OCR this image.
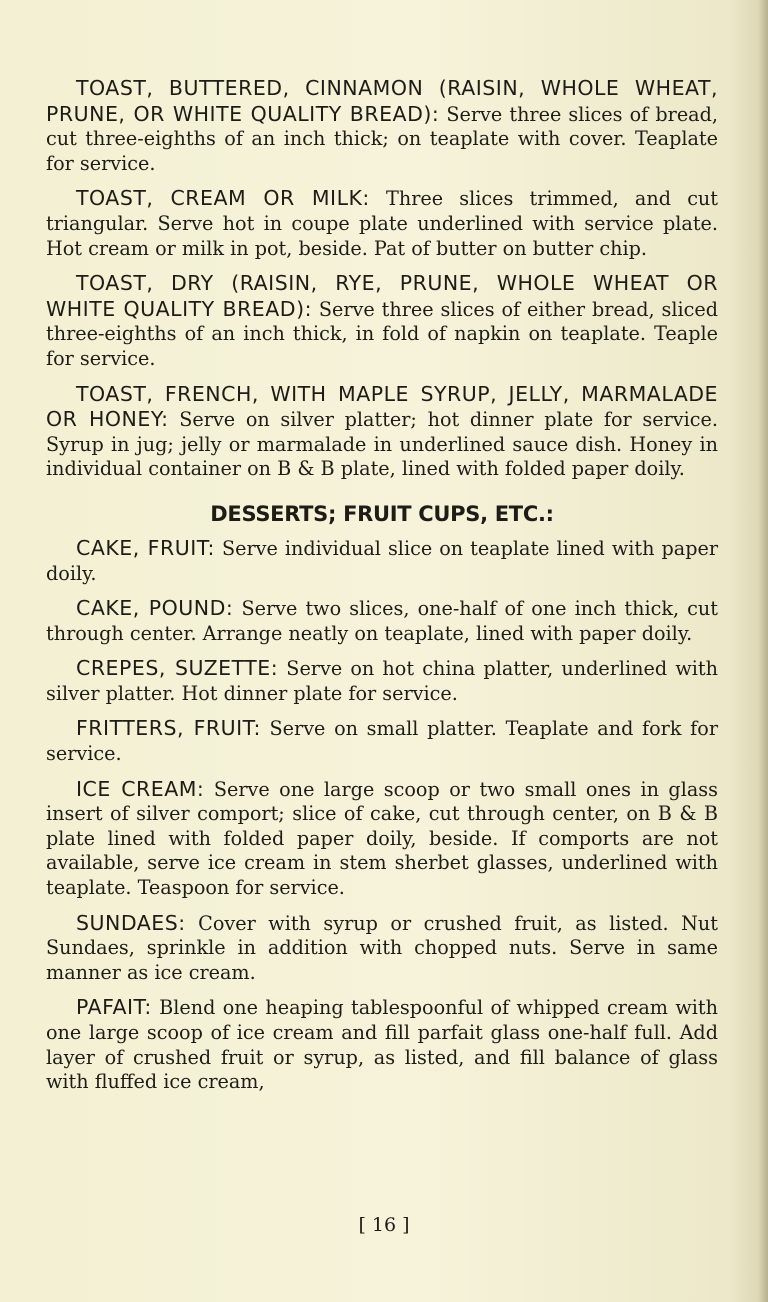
TOAST, BUTTERED, CINNAMON (RAISIN, WHOLE WHEAT, PRUNE, OR WHITE QUALITY BREAD): Serve three slices of bread, cut three-eighths of an inch thick; on teaplate with cover. Teaplate for service.

TOAST, CREAM OR MILK: Three slices trimmed, and cut triangular. Serve hot in coupe plate underlined with service plate. Hot cream or milk in pot, beside. Pat of butter on butter chip.

TOAST, DRY (RAISIN, RYE, PRUNE, WHOLE WHEAT OR WHITE QUALITY BREAD): Serve three slices of either bread, sliced three-eighths of an inch thick, in fold of napkin on teaplate. Teaple for service.

TOAST, FRENCH, WITH MAPLE SYRUP, JELLY, MARMALADE OR HONEY: Serve on silver platter; hot dinner plate for service. Syrup in jug; jelly or marmalade in underlined sauce dish. Honey in individual container on B & B plate, lined with folded paper doily.

DESSERTS; FRUIT CUPS, ETC.:

CAKE, FRUIT: Serve individual slice on teaplate lined with paper doily.

CAKE, POUND: Serve two slices, one-half of one inch thick, cut through center. Arrange neatly on teaplate, lined with paper doily.

CREPES, SUZETTE: Serve on hot china platter, underlined with silver platter. Hot dinner plate for service.

FRITTERS, FRUIT: Serve on small platter. Teaplate and fork for service.

ICE CREAM: Serve one large scoop or two small ones in glass insert of silver comport; slice of cake, cut through center, on B & B plate lined with folded paper doily, beside. If comports are not available, serve ice cream in stem sherbet glasses, underlined with teaplate. Teaspoon for service.

SUNDAES: Cover with syrup or crushed fruit, as listed. Nut Sundaes, sprinkle in addition with chopped nuts. Serve in same manner as ice cream.

PAFAIT: Blend one heaping tablespoonful of whipped cream with one large scoop of ice cream and fill parfait glass one-half full. Add layer of crushed fruit or syrup, as listed, and fill balance of glass with fluffed ice cream,

[ 16 ]
